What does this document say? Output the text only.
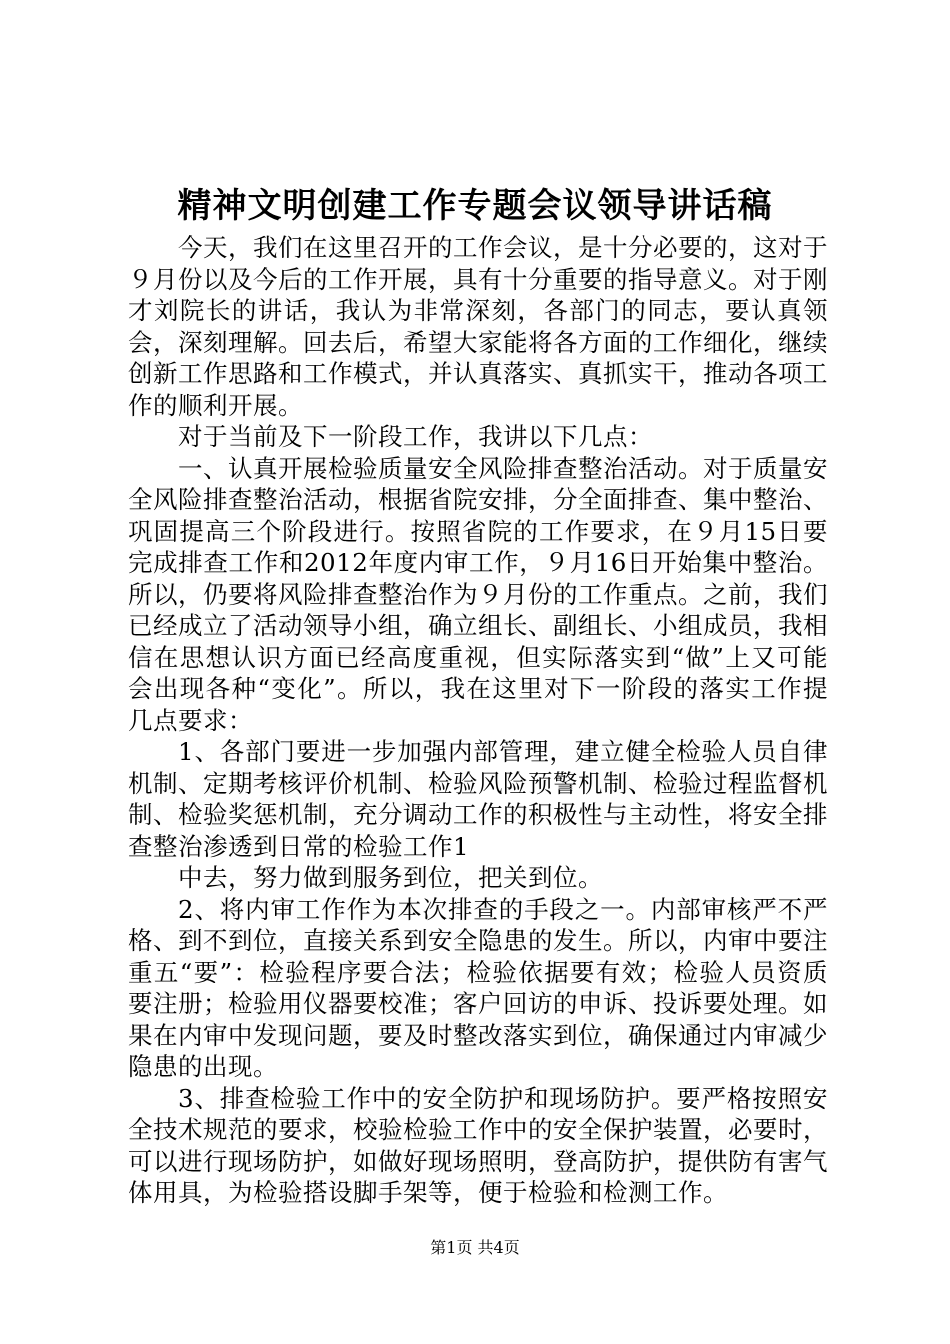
精神文明创建工作专题会议领导讲话稿

今天，我们在这里召开的工作会议，是十分必要的，这对于９月份以及今后的工作开展，具有十分重要的指导意义。对于刚才刘院长的讲话，我认为非常深刻，各部门的同志，要认真领会，深刻理解。回去后，希望大家能将各方面的工作细化，继续创新工作思路和工作模式，并认真落实、真抓实干，推动各项工作的顺利开展。

对于当前及下一阶段工作，我讲以下几点：

一、认真开展检验质量安全风险排查整治活动。对于质量安全风险排查整治活动，根据省院安排，分全面排查、集中整治、巩固提高三个阶段进行。按照省院的工作要求，在９月15日要完成排查工作和2012年度内审工作，９月16日开始集中整治。所以，仍要将风险排查整治作为９月份的工作重点。之前，我们已经成立了活动领导小组，确立组长、副组长、小组成员，我相信在思想认识方面已经高度重视，但实际落实到“做”上又可能会出现各种“变化”。所以，我在这里对下一阶段的落实工作提几点要求：

1、各部门要进一步加强内部管理，建立健全检验人员自律机制、定期考核评价机制、检验风险预警机制、检验过程监督机制、检验奖惩机制，充分调动工作的积极性与主动性，将安全排查整治渗透到日常的检验工作1

中去，努力做到服务到位，把关到位。

2、将内审工作作为本次排查的手段之一。内部审核严不严格、到不到位，直接关系到安全隐患的发生。所以，内审中要注重五“要”：检验程序要合法；检验依据要有效；检验人员资质要注册；检验用仪器要校准；客户回访的申诉、投诉要处理。如果在内审中发现问题，要及时整改落实到位，确保通过内审减少隐患的出现。

3、排查检验工作中的安全防护和现场防护。要严格按照安全技术规范的要求，校验检验工作中的安全保护装置，必要时，可以进行现场防护，如做好现场照明，登高防护，提供防有害气体用具，为检验搭设脚手架等，便于检验和检测工作。

第1页 共4页
